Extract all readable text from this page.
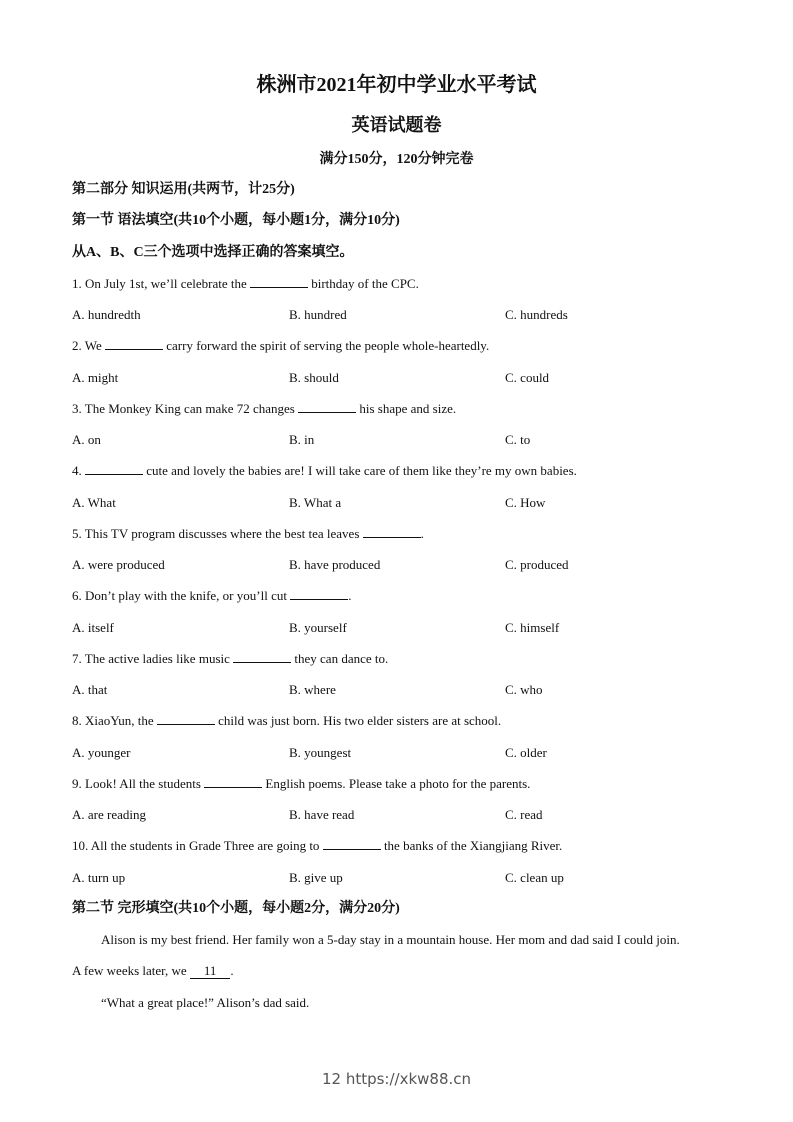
株洲市2021年初中学业水平考试
英语试题卷
满分150分，120分钟完卷
第二部分 知识运用(共两节，计25分)
第一节 语法填空(共10个小题，每小题1分，满分10分)
从A、B、C三个选项中选择正确的答案填空。
1. On July 1st, we’ll celebrate the	birthday of the CPC.
A. hundredth	B. hundred	C. hundreds
2. We	carry forward the spirit of serving the people whole-heartedly.
A. might	B. should	C. could
3. The Monkey King can make 72 changes	his shape and size.
A. on	B. in	C. to
4.	cute and lovely the babies are! I will take care of them like they’re my own babies.
A. What	B. What a	C. How
5. This TV program discusses where the best tea leaves	.
A. were produced	B. have produced	C. produced
6. Don’t play with the knife, or you’ll cut	.
A. itself	B. yourself	C. himself
7. The active ladies like music	they can dance to.
A. that	B. where	C. who
8. XiaoYun, the	child was just born. His two elder sisters are at school.
A. younger	B. youngest	C. older
9. Look! All the students	English poems. Please take a photo for the parents.
A. are reading	B. have read	C. read
10. All the students in Grade Three are going to	the banks of the Xiangjiang River.
A. turn up	B. give up	C. clean up
第二节 完形填空(共10个小题，每小题2分，满分20分)
Alison is my best friend. Her family won a 5-day stay in a mountain house. Her mom and dad said I could join.
A few weeks later, we 11 .
“What a great place!” Alison’s dad said.
12 https://xkw88.cn
